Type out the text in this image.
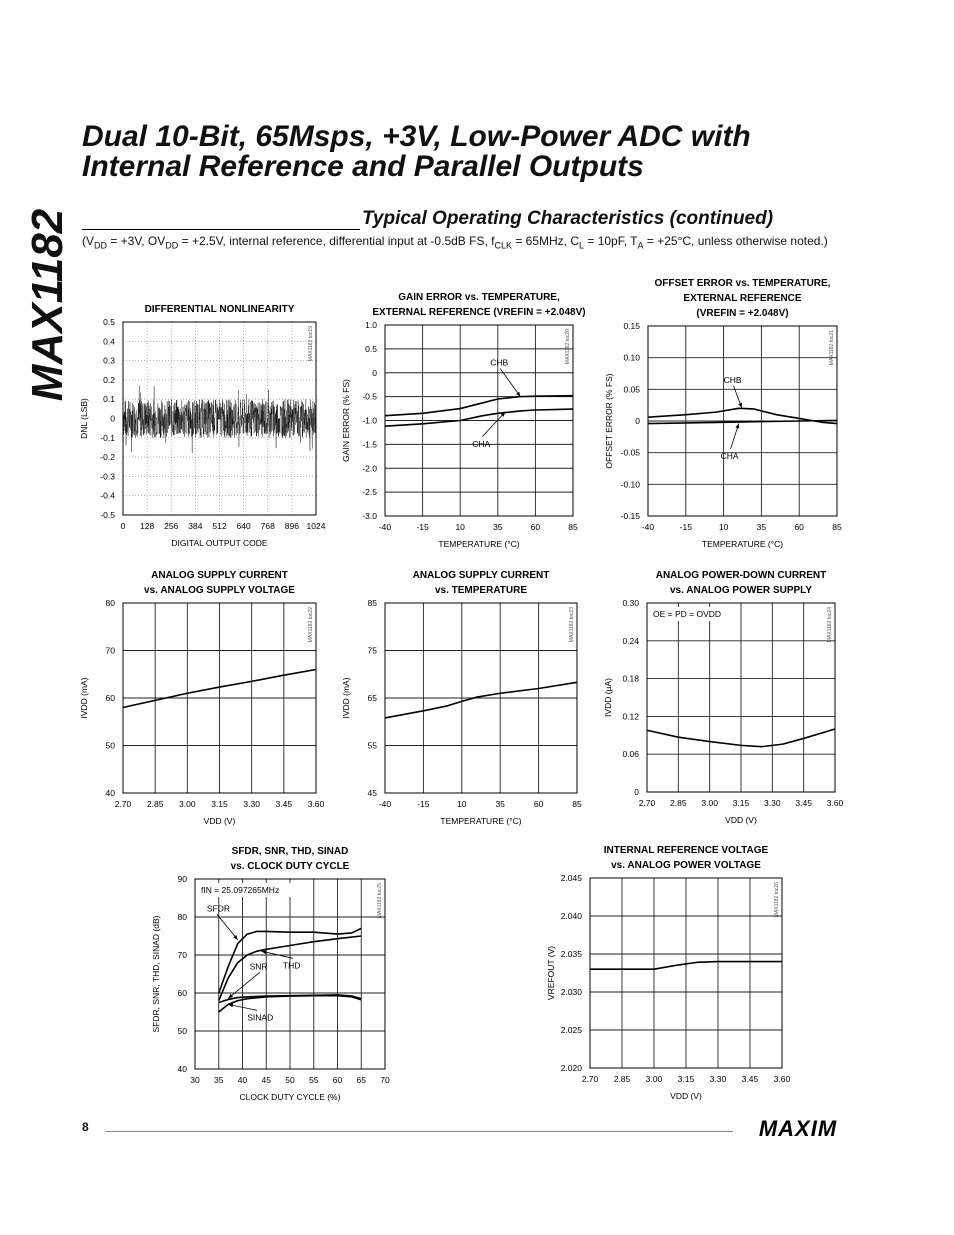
MAX1182
Dual 10-Bit, 65Msps, +3V, Low-Power ADC with
Internal Reference and Parallel Outputs
Typical Operating Characteristics (continued)
($V_{DD} = +3V$, $OV_{DD} = +2.5V$, internal reference, differential input at -0.5dB FS, $f_{CLK} = 65MHz$, $C_L = 10pF$, $T_A = +25^\circ C$, unless otherwise noted.)
DIFFERENTIAL NONLINEARITY
0 128 256 384 512 640 768 896 1024
-0.5
-0.4
-0.3
-0.2
-0.1
0
0.1
0.2
0.3
0.4
0.5
DIGITAL OUTPUT CODE
DNL (LSB)
MAX1182 toc19
GAIN ERROR vs. TEMPERATURE,
EXTERNAL REFERENCE (VREFIN = +2.048V)
-40	-15	10	35	60	85
-3.0
-2.5
-2.0
-1.5
-1.0
-0.5
0
0.5
1.0
TEMPERATURE (°C)
GAIN ERROR (% FS)
MAX1182 toc20
CHB
CHA
OFFSET ERROR vs. TEMPERATURE,
EXTERNAL REFERENCE
(VREFIN = +2.048V)
-40	-15	10	35	60	85
-0.15
-0.10
-0.05
0
0.05
0.10
0.15
TEMPERATURE (°C)
OFFSET ERROR (% FS)
MAX1182 toc21
CHB
CHA
ANALOG SUPPLY CURRENT
vs. ANALOG SUPPLY VOLTAGE
2.70 2.85 3.00 3.15 3.30 3.45 3.60
40
50
60
70
80
VDD (V)
IVDD (mA)
MAX1182 toc22
ANALOG SUPPLY CURRENT
vs. TEMPERATURE
-40	-15	10	35	60	85
45
55
65
75
85
TEMPERATURE (°C)
IVDD (mA)
MAX1182 toc23
ANALOG POWER-DOWN CURRENT
vs. ANALOG POWER SUPPLY
2.70 2.85 3.00 3.15 3.30 3.45 3.60
0
0.06
0.12
0.18
0.24
0.30
VDD (V)
IVDD (µA)
MAX1182 toc24
OE = PD = OVDD
SFDR, SNR, THD, SINAD
vs. CLOCK DUTY CYCLE
30 35 40 45 50 55 60 65 70
40
50
60
70
80
90
CLOCK DUTY CYCLE (%)
SFDR, SNR, THD, SINAD (dB)
MAX1182 toc25
SFDR
THD
SNR
SINAD
fIN = 25.097265MHz
INTERNAL REFERENCE VOLTAGE
vs. ANALOG POWER VOLTAGE
2.70 2.85 3.00 3.15 3.30 3.45 3.60
2.020
2.025
2.030
2.035
2.040
2.045
VDD (V)
VREFOUT (V)
MAX1182 toc26
8	MAXIM
